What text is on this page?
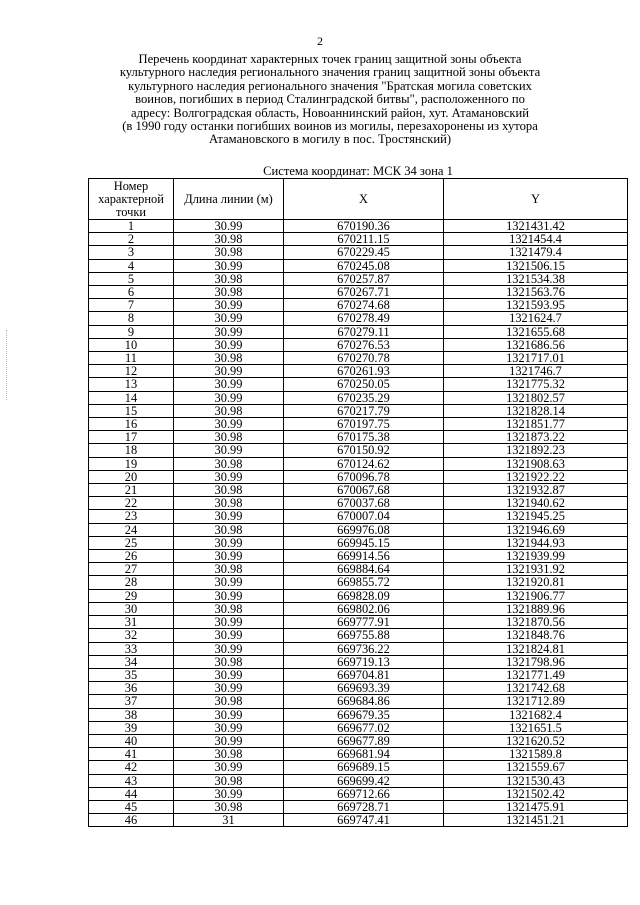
2
Перечень координат характерных точек границ защитной зоны объекта
культурного наследия регионального значения границ защитной зоны объекта
культурного наследия регионального значения "Братская могила советских
воинов, погибших в период Сталинградской битвы", расположенного по
адресу: Волгоградская область, Новоаннинский район, хут. Атамановский
(в 1990 году останки погибших воинов из могилы, перезахоронены из хутора
Атамановского в могилу в пос. Тростянский)
Система координат: МСК 34 зона 1
Номер характерной точки	Длина линии (м)	X	Y
1	30.99	670190.36	1321431.42
2	30.98	670211.15	1321454.4
3	30.98	670229.45	1321479.4
4	30.99	670245.08	1321506.15
5	30.98	670257.87	1321534.38
6	30.98	670267.71	1321563.76
7	30.99	670274.68	1321593.95
8	30.99	670278.49	1321624.7
9	30.99	670279.11	1321655.68
10	30.99	670276.53	1321686.56
11	30.98	670270.78	1321717.01
12	30.99	670261.93	1321746.7
13	30.99	670250.05	1321775.32
14	30.99	670235.29	1321802.57
15	30.98	670217.79	1321828.14
16	30.99	670197.75	1321851.77
17	30.98	670175.38	1321873.22
18	30.99	670150.92	1321892.23
19	30.98	670124.62	1321908.63
20	30.99	670096.78	1321922.22
21	30.98	670067.68	1321932.87
22	30.98	670037.68	1321940.62
23	30.99	670007.04	1321945.25
24	30.98	669976.08	1321946.69
25	30.99	669945.15	1321944.93
26	30.99	669914.56	1321939.99
27	30.98	669884.64	1321931.92
28	30.99	669855.72	1321920.81
29	30.99	669828.09	1321906.77
30	30.98	669802.06	1321889.96
31	30.99	669777.91	1321870.56
32	30.99	669755.88	1321848.76
33	30.99	669736.22	1321824.81
34	30.98	669719.13	1321798.96
35	30.99	669704.81	1321771.49
36	30.99	669693.39	1321742.68
37	30.98	669684.86	1321712.89
38	30.99	669679.35	1321682.4
39	30.99	669677.02	1321651.5
40	30.99	669677.89	1321620.52
41	30.98	669681.94	1321589.8
42	30.99	669689.15	1321559.67
43	30.98	669699.42	1321530.43
44	30.99	669712.66	1321502.42
45	30.98	669728.71	1321475.91
46	31	669747.41	1321451.21
